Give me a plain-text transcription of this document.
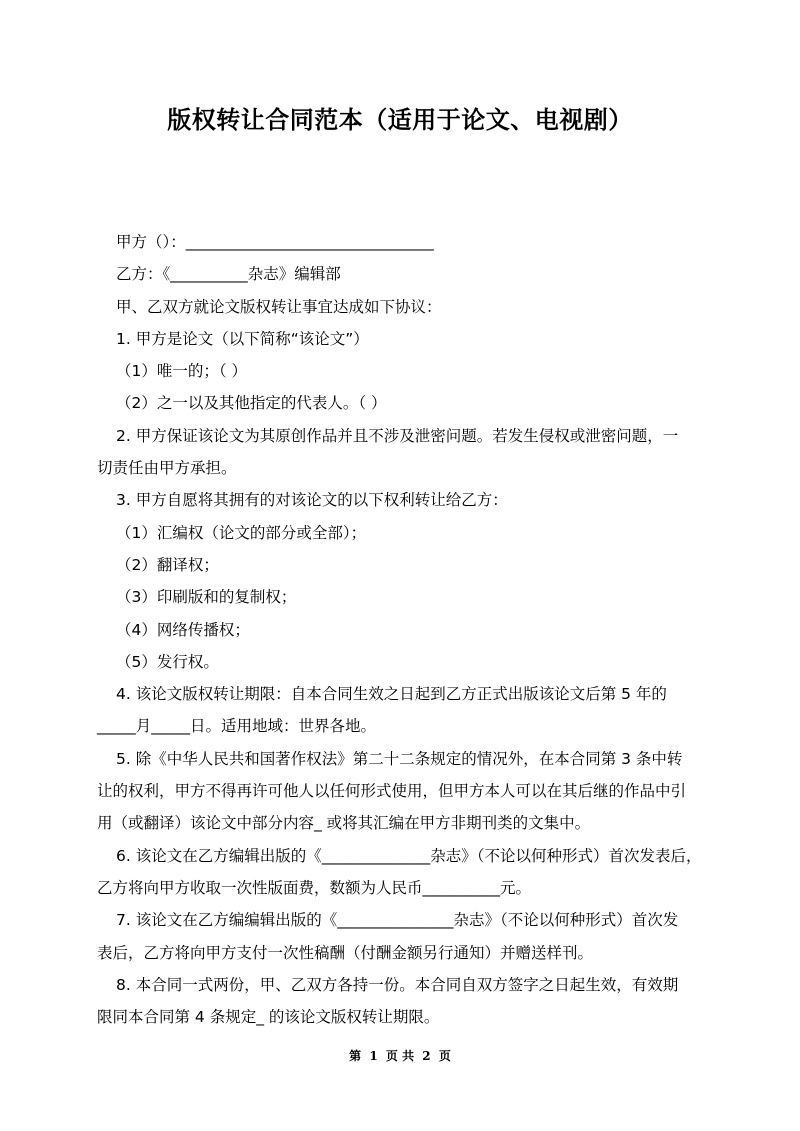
版权转让合同范本（适用于论文、电视剧）

甲方（）：________________________________

乙方：《__________杂志》编辑部

甲、乙双方就论文版权转让事宜达成如下协议：

1. 甲方是论文（以下简称“该论文”）

（1）唯一的；（ ）

（2）之一以及其他指定的代表人。（ ）

2. 甲方保证该论文为其原创作品并且不涉及泄密问题。若发生侵权或泄密问题，一

切责任由甲方承担。

3. 甲方自愿将其拥有的对该论文的以下权利转让给乙方：

（1）汇编权（论文的部分或全部）；

（2）翻译权；

（3）印刷版和的复制权；

（4）网络传播权；

（5）发行权。

4. 该论文版权转让期限：自本合同生效之日起到乙方正式出版该论文后第 5 年的

_____月_____日。适用地域：世界各地。

5. 除《中华人民共和国著作权法》第二十二条规定的情况外，在本合同第 3 条中转

让的权利，甲方不得再许可他人以任何形式使用，但甲方本人可以在其后继的作品中引

用（或翻译）该论文中部分内容_ 或将其汇编在甲方非期刊类的文集中。

6. 该论文在乙方编辑出版的《______________杂志》（不论以何种形式）首次发表后，

乙方将向甲方收取一次性版面费，数额为人民币__________元。

7. 该论文在乙方编编辑出版的《_______________杂志》（不论以何种形式）首次发

表后，乙方将向甲方支付一次性稿酬（付酬金额另行通知）并赠送样刊。

8. 本合同一式两份，甲、乙双方各持一份。本合同自双方签字之日起生效，有效期

限同本合同第 4 条规定_ 的该论文版权转让期限。

第 1 页 共 2 页
